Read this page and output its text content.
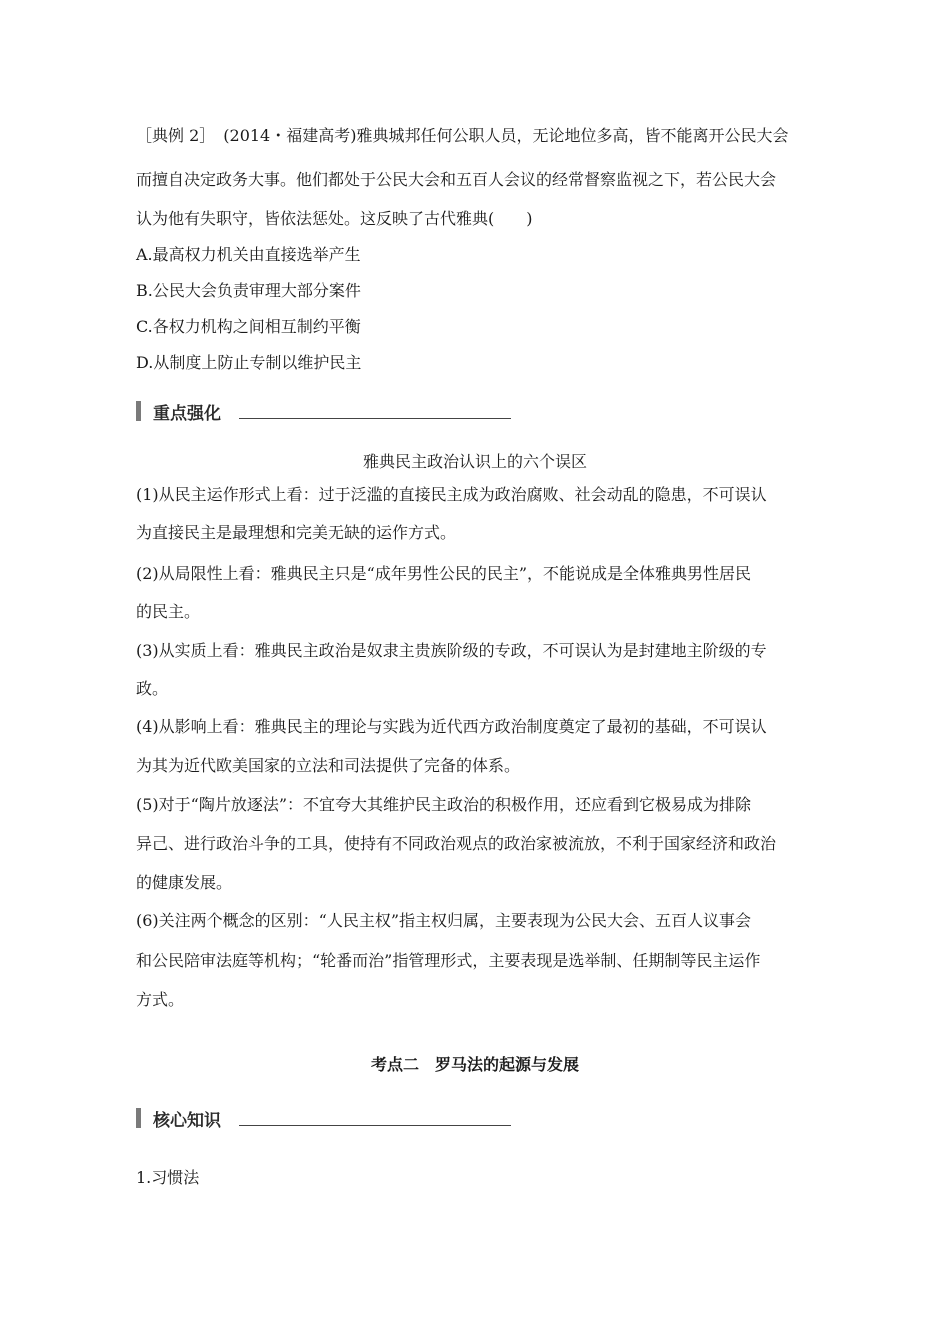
［典例 2］　(2014・福建高考)雅典城邦任何公职人员，无论地位多高，皆不能离开公民大会
而擅自决定政务大事。他们都处于公民大会和五百人会议的经常督察监视之下，若公民大会
认为他有失职守，皆依法惩处。这反映了古代雅典(　　)
A.最高权力机关由直接选举产生
B.公民大会负责审理大部分案件
C.各权力机构之间相互制约平衡
D.从制度上防止专制以维护民主
重点强化
雅典民主政治认识上的六个误区
(1)从民主运作形式上看：过于泛滥的直接民主成为政治腐败、社会动乱的隐患，不可误认
为直接民主是最理想和完美无缺的运作方式。
(2)从局限性上看：雅典民主只是“成年男性公民的民主”，不能说成是全体雅典男性居民
的民主。
(3)从实质上看：雅典民主政治是奴隶主贵族阶级的专政，不可误认为是封建地主阶级的专
政。
(4)从影响上看：雅典民主的理论与实践为近代西方政治制度奠定了最初的基础，不可误认
为其为近代欧美国家的立法和司法提供了完备的体系。
(5)对于“陶片放逐法”：不宜夸大其维护民主政治的积极作用，还应看到它极易成为排除
异己、进行政治斗争的工具，使持有不同政治观点的政治家被流放，不利于国家经济和政治
的健康发展。
(6)关注两个概念的区别：“人民主权”指主权归属，主要表现为公民大会、五百人议事会
和公民陪审法庭等机构；“轮番而治”指管理形式，主要表现是选举制、任期制等民主运作
方式。
考点二　罗马法的起源与发展
核心知识
1.习惯法
